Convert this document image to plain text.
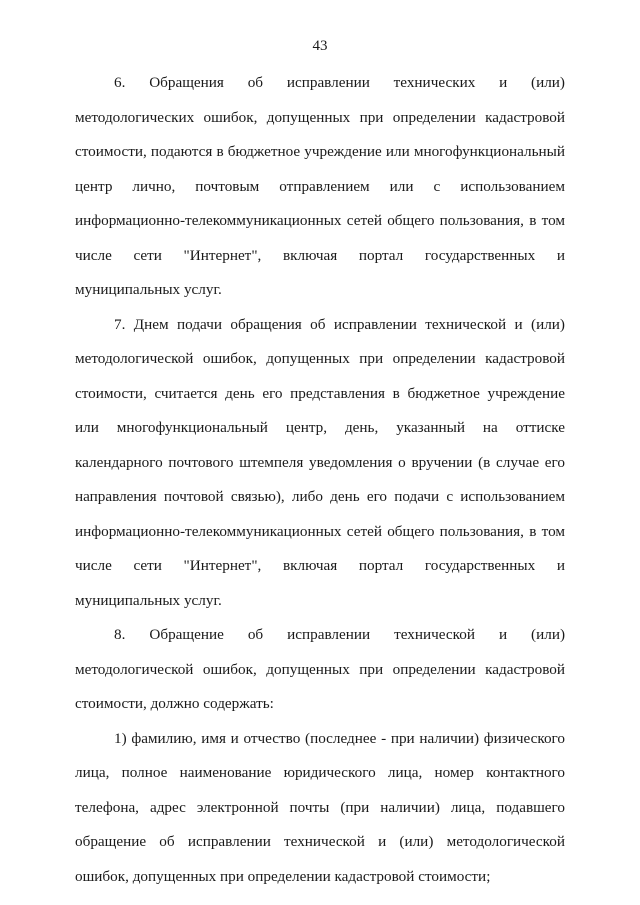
43

6. Обращения об исправлении технических и (или) методологических ошибок, допущенных при определении кадастровой стоимости, подаются в бюджетное учреждение или многофункциональный центр лично, почтовым отправлением или с использованием информационно-телекоммуникационных сетей общего пользования, в том числе сети "Интернет", включая портал государственных и муниципальных услуг.

7. Днем подачи обращения об исправлении технической и (или) методологической ошибок, допущенных при определении кадастровой стоимости, считается день его представления в бюджетное учреждение или многофункциональный центр, день, указанный на оттиске календарного почтового штемпеля уведомления о вручении (в случае его направления почтовой связью), либо день его подачи с использованием информационно-телекоммуникационных сетей общего пользования, в том числе сети "Интернет", включая портал государственных и муниципальных услуг.

8. Обращение об исправлении технической и (или) методологической ошибок, допущенных при определении кадастровой стоимости, должно содержать:

1) фамилию, имя и отчество (последнее - при наличии) физического лица, полное наименование юридического лица, номер контактного телефона, адрес электронной почты (при наличии) лица, подавшего обращение об исправлении технической и (или) методологической ошибок, допущенных при определении кадастровой стоимости;
